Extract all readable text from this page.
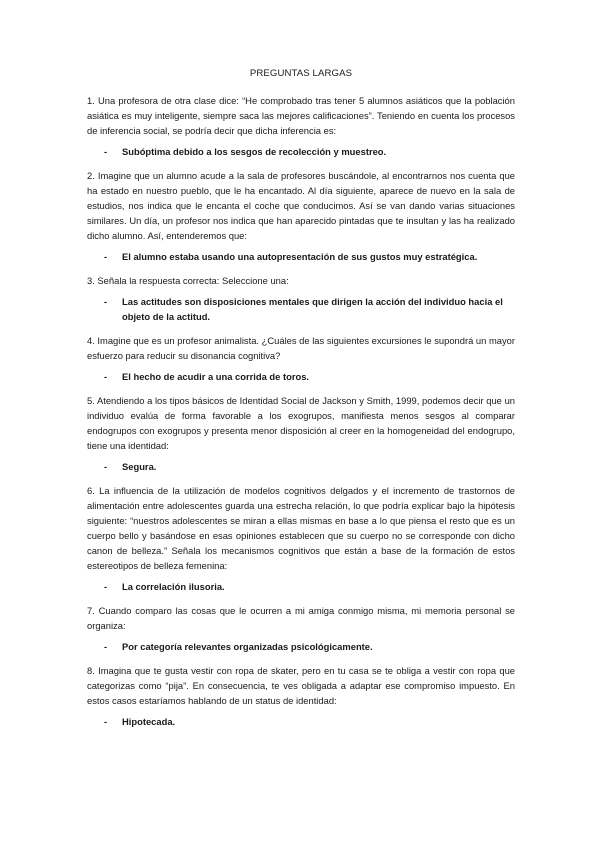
PREGUNTAS LARGAS

1. Una profesora de otra clase dice: “He comprobado tras tener 5 alumnos asiáticos que la población asiática es muy inteligente, siempre saca las mejores calificaciones”. Teniendo en cuenta los procesos de inferencia social, se podría decir que dicha inferencia es:

-	Subóptima debido a los sesgos de recolección y muestreo.

2. Imagine que un alumno acude a la sala de profesores buscándole, al encontrarnos nos cuenta que ha estado en nuestro pueblo, que le ha encantado. Al día siguiente, aparece de nuevo en la sala de estudios, nos indica que le encanta el coche que conducimos. Así se van dando varias situaciones similares. Un día, un profesor nos indica que han aparecido pintadas que te insultan y las ha realizado dicho alumno. Así, entenderemos que:

-	El alumno estaba usando una autopresentación de sus gustos muy estratégica.

3. Señala la respuesta correcta: Seleccione una:

-	Las actitudes son disposiciones mentales que dirigen la acción del individuo hacia el objeto de la actitud.

4. Imagine que es un profesor animalista. ¿Cuáles de las siguientes excursiones le supondrá un mayor esfuerzo para reducir su disonancia cognitiva?

-	El hecho de acudir a una corrida de toros.

5. Atendiendo a los tipos básicos de Identidad Social de Jackson y Smith, 1999, podemos decir que un individuo evalúa de forma favorable a los exogrupos, manifiesta menos sesgos al comparar endogrupos con exogrupos y presenta menor disposición al creer en la homogeneidad del endogrupo, tiene una identidad:

-	Segura.

6. La influencia de la utilización de modelos cognitivos delgados y el incremento de trastornos de alimentación entre adolescentes guarda una estrecha relación, lo que podría explicar bajo la hipótesis siguiente: “nuestros adolescentes se miran a ellas mismas en base a lo que piensa el resto que es un cuerpo bello y basándose en esas opiniones establecen que su cuerpo no se corresponde con dicho canon de belleza.” Señala los mecanismos cognitivos que están a base de la formación de estos estereotipos de belleza femenina:

-	La correlación ilusoria.

7. Cuando comparo las cosas que le ocurren a mi amiga conmigo misma, mi memoria personal se organiza:

-	Por categoría relevantes organizadas psicológicamente.

8. Imagina que te gusta vestir con ropa de skater, pero en tu casa se te obliga a vestir con ropa que categorizas como “pija”. En consecuencia, te ves obligada a adaptar ese compromiso impuesto. En estos casos estaríamos hablando de un status de identidad:

-	Hipotecada.
